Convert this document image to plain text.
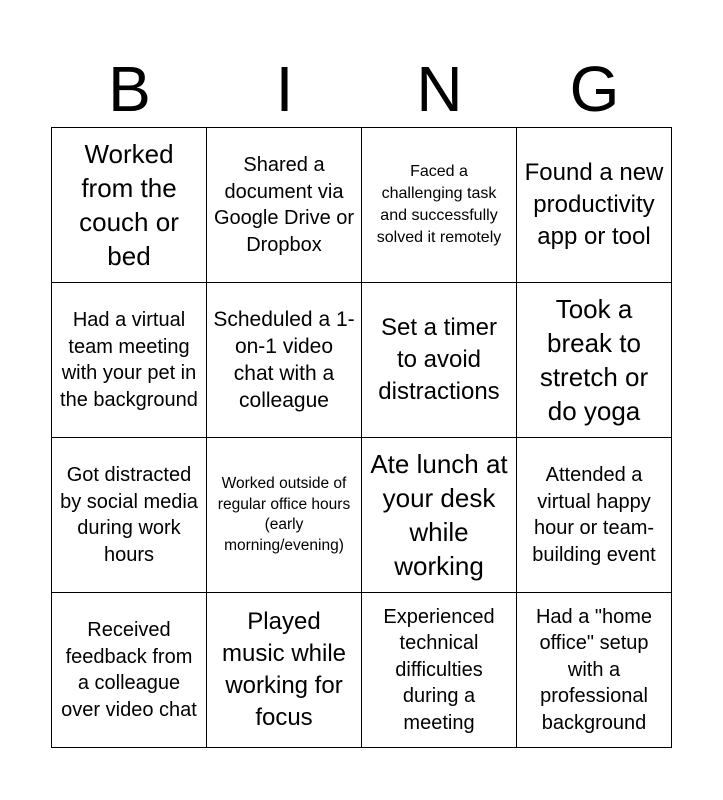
B	I	N	G
Worked from the couch or bed
Shared a document via Google Drive or Dropbox
Faced a challenging task and successfully solved it remotely
Found a new productivity app or tool
Had a virtual team meeting with your pet in the background
Scheduled a 1-on-1 video chat with a colleague
Set a timer to avoid distractions
Took a break to stretch or do yoga
Got distracted by social media during work hours
Worked outside of regular office hours (early morning/evening)
Ate lunch at your desk while working
Attended a virtual happy hour or team-building event
Received feedback from a colleague over video chat
Played music while working for focus
Experienced technical difficulties during a meeting
Had a "home office" setup with a professional background
